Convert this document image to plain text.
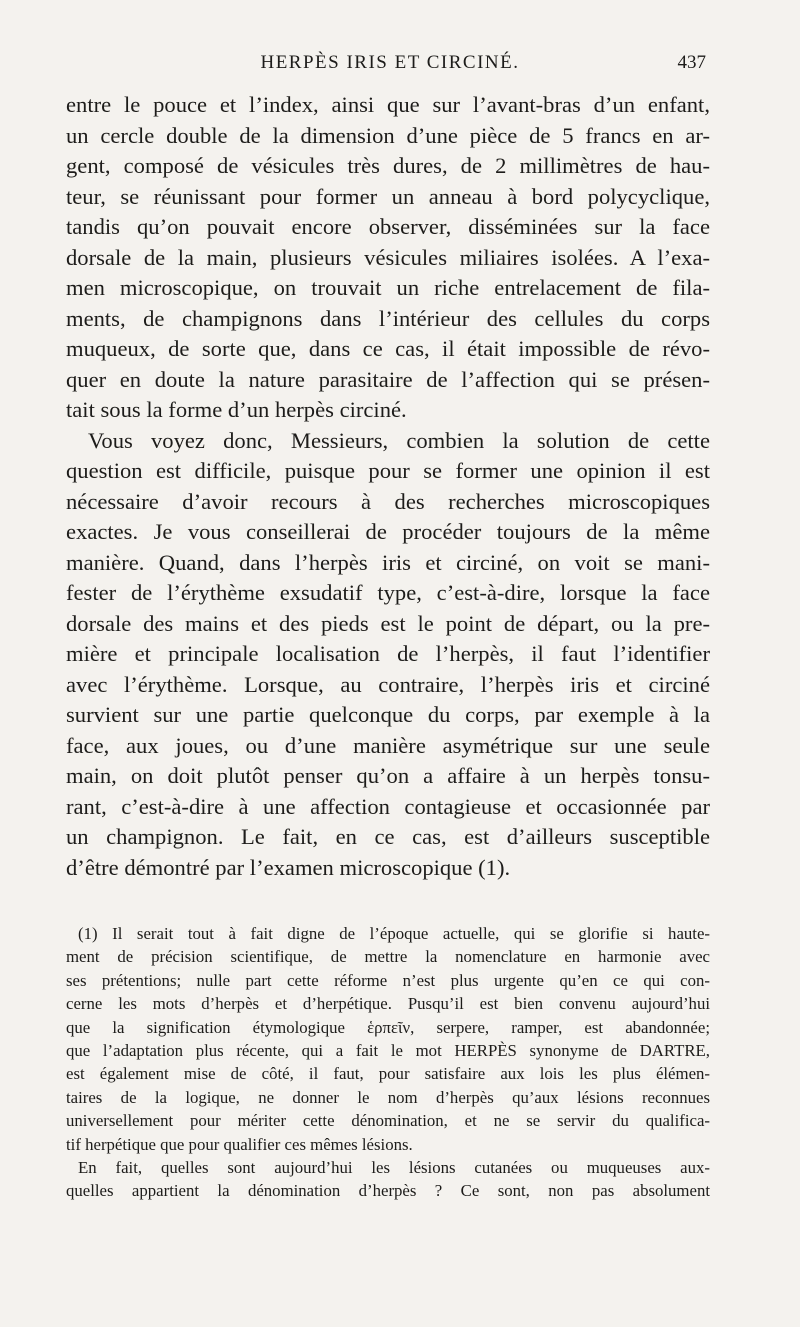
HERPÈS IRIS ET CIRCINÉ.	437
entre le pouce et l’index, ainsi que sur l’avant-bras d’un enfant,
un cercle double de la dimension d’une pièce de 5 francs en ar-
gent, composé de vésicules très dures, de 2 millimètres de hau-
teur, se réunissant pour former un anneau à bord polycyclique,
tandis qu’on pouvait encore observer, disséminées sur la face
dorsale de la main, plusieurs vésicules miliaires isolées. A l’exa-
men microscopique, on trouvait un riche entrelacement de fila-
ments, de champignons dans l’intérieur des cellules du corps
muqueux, de sorte que, dans ce cas, il était impossible de révo-
quer en doute la nature parasitaire de l’affection qui se présen-
tait sous la forme d’un herpès circiné.
Vous voyez donc, Messieurs, combien la solution de cette
question est difficile, puisque pour se former une opinion il est
nécessaire d’avoir recours à des recherches microscopiques
exactes. Je vous conseillerai de procéder toujours de la même
manière. Quand, dans l’herpès iris et circiné, on voit se mani-
fester de l’érythème exsudatif type, c’est-à-dire, lorsque la face
dorsale des mains et des pieds est le point de départ, ou la pre-
mière et principale localisation de l’herpès, il faut l’identifier
avec l’érythème. Lorsque, au contraire, l’herpès iris et circiné
survient sur une partie quelconque du corps, par exemple à la
face, aux joues, ou d’une manière asymétrique sur une seule
main, on doit plutôt penser qu’on a affaire à un herpès tonsu-
rant, c’est-à-dire à une affection contagieuse et occasionnée par
un champignon. Le fait, en ce cas, est d’ailleurs susceptible
d’être démontré par l’examen microscopique (1).
(1) Il serait tout à fait digne de l’époque actuelle, qui se glorifie si haute-
ment de précision scientifique, de mettre la nomenclature en harmonie avec
ses prétentions; nulle part cette réforme n’est plus urgente qu’en ce qui con-
cerne les mots d’herpès et d’herpétique. Pusqu’il est bien convenu aujourd’hui
que la signification étymologique ἑρπεῖν, serpere, ramper, est abandonnée;
que l’adaptation plus récente, qui a fait le mot HERPÈS synonyme de DARTRE,
est également mise de côté, il faut, pour satisfaire aux lois les plus élémen-
taires de la logique, ne donner le nom d’herpès qu’aux lésions reconnues
universellement pour mériter cette dénomination, et ne se servir du qualifica-
tif herpétique que pour qualifier ces mêmes lésions.
En fait, quelles sont aujourd’hui les lésions cutanées ou muqueuses aux-
quelles appartient la dénomination d’herpès ? Ce sont, non pas absolument
